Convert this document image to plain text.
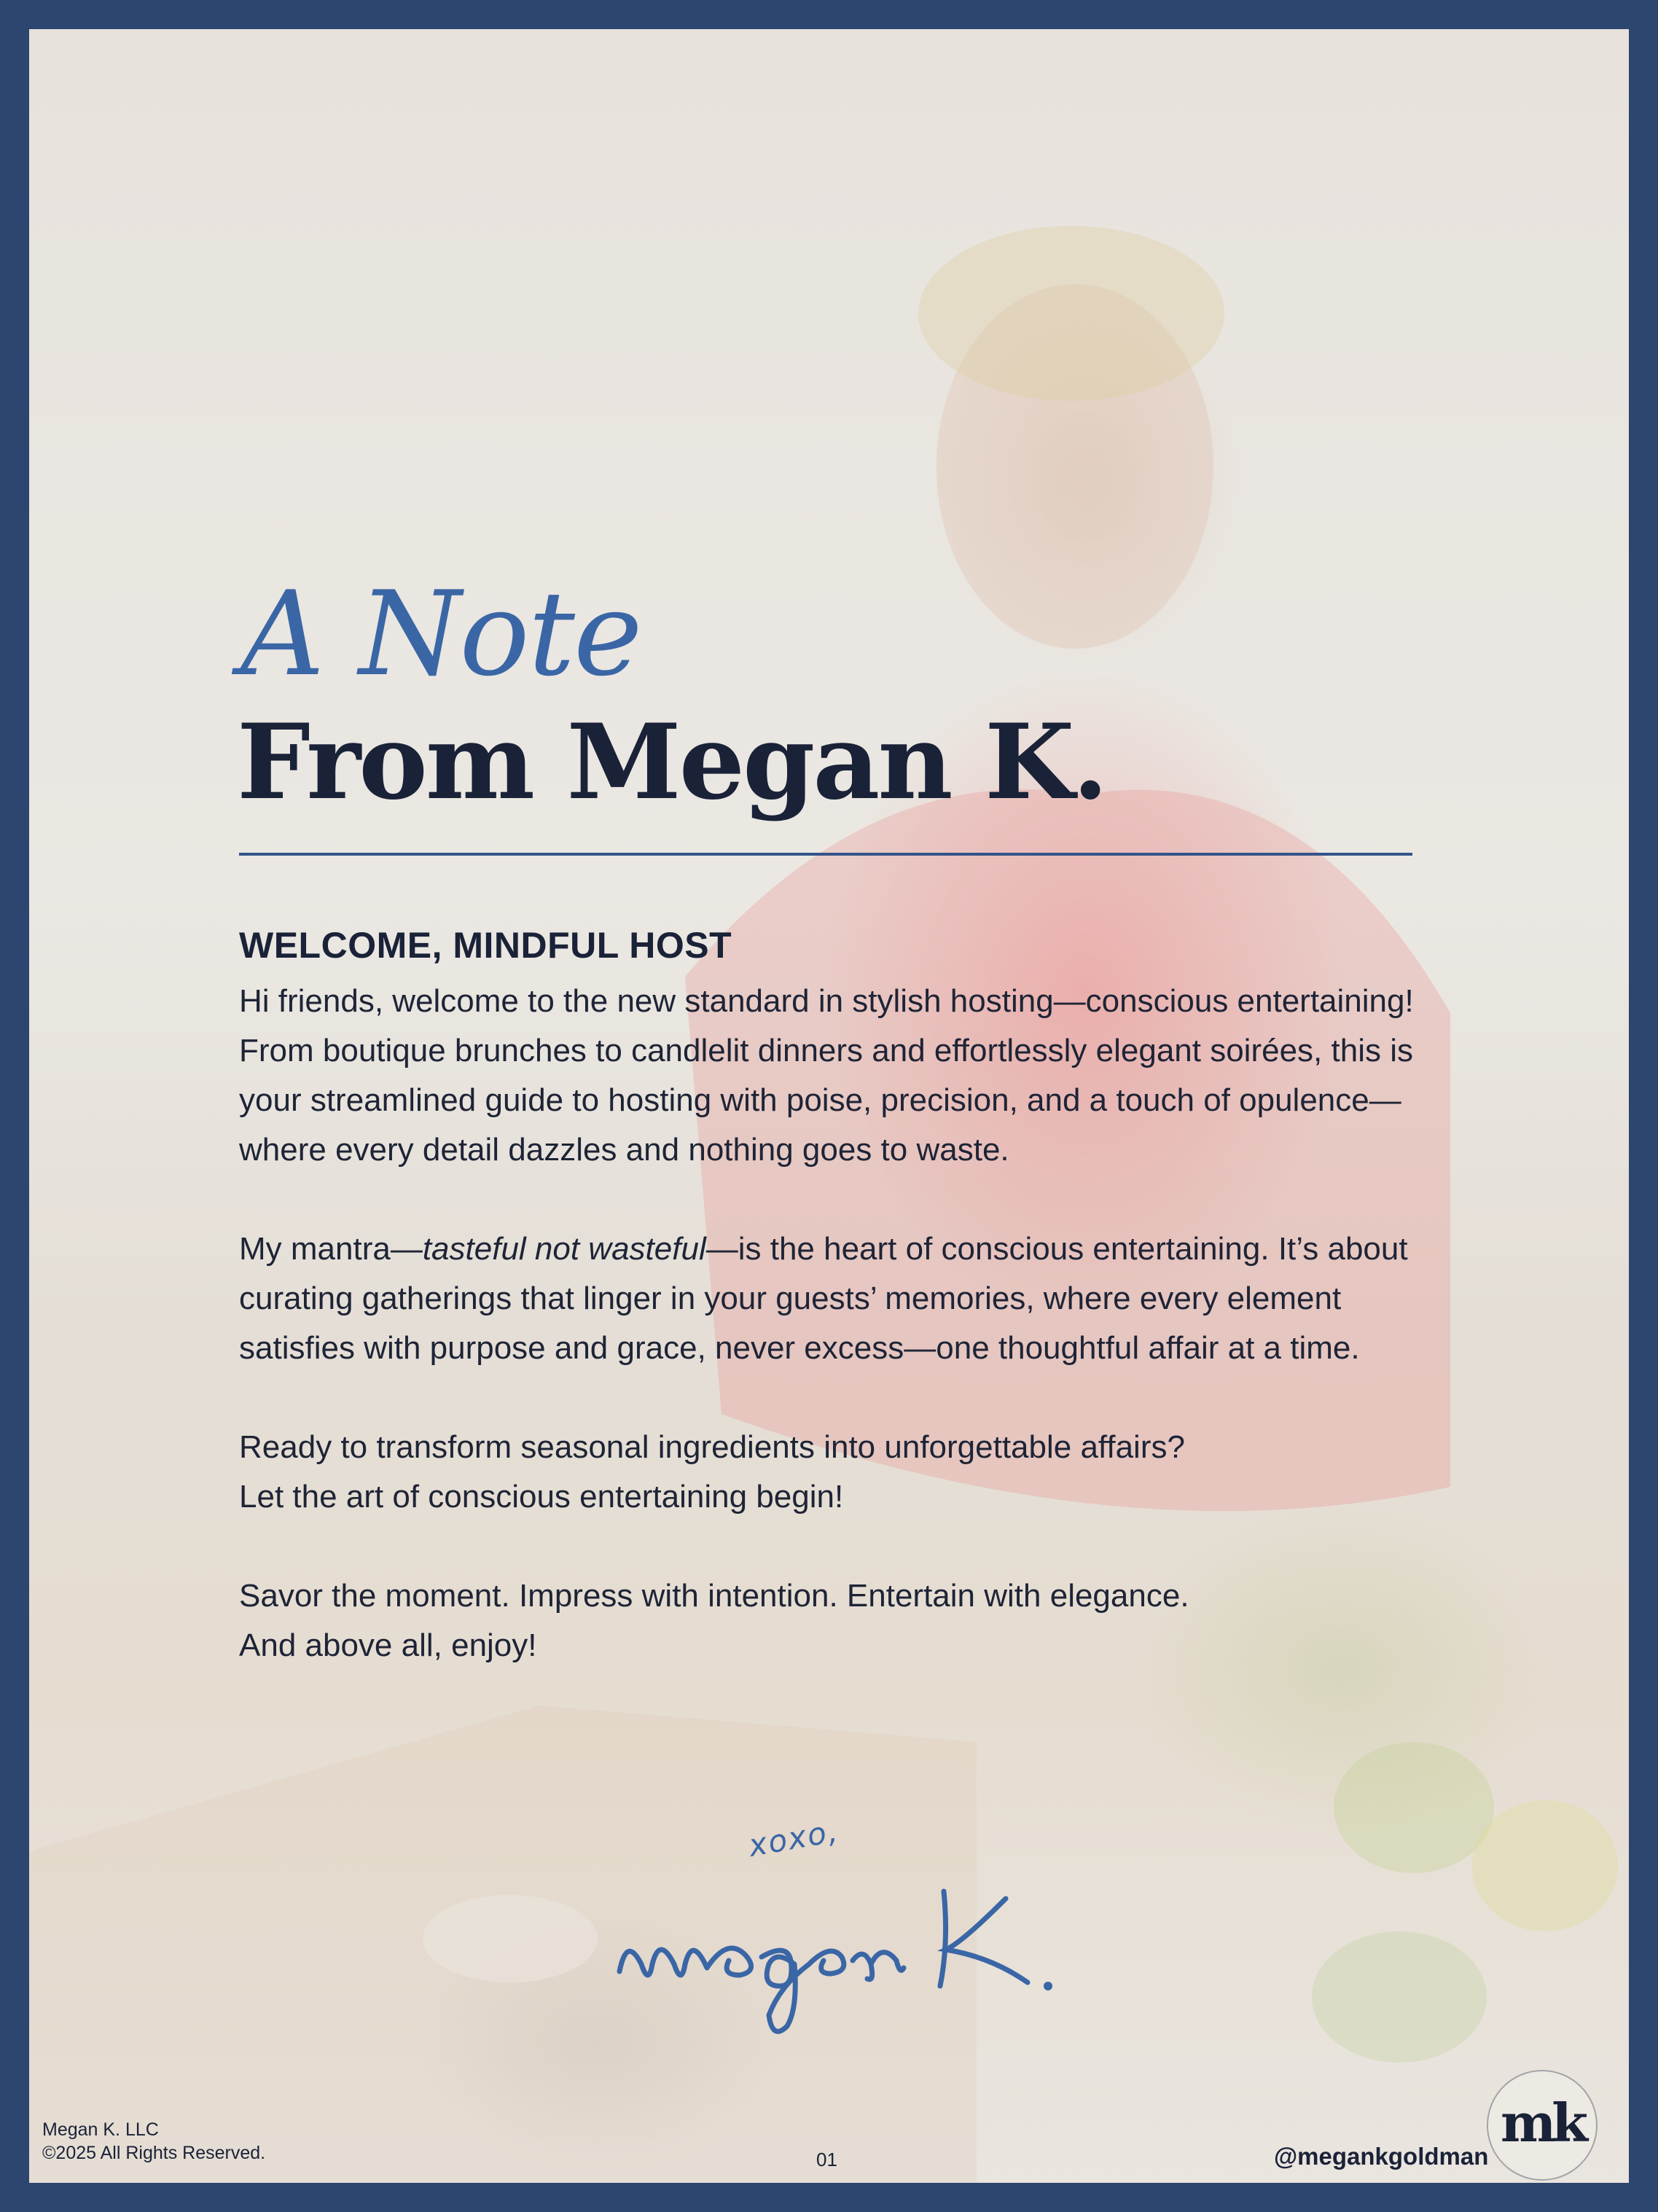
A Note
From Megan K.
WELCOME, MINDFUL HOST

Hi friends, welcome to the new standard in stylish hosting—conscious entertaining! From boutique brunches to candlelit dinners and effortlessly elegant soirées, this is your streamlined guide to hosting with poise, precision, and a touch of opulence—where every detail dazzles and nothing goes to waste.

My mantra—tasteful not wasteful—is the heart of conscious entertaining. It’s about curating gatherings that linger in your guests’ memories, where every element satisfies with purpose and grace, never excess—one thoughtful affair at a time.

Ready to transform seasonal ingredients into unforgettable affairs?
Let the art of conscious entertaining begin!

Savor the moment. Impress with intention. Entertain with elegance.
And above all, enjoy!

xoxo,
Megan K. LLC
©2025 All Rights Reserved.	01	@megankgoldman
mk
